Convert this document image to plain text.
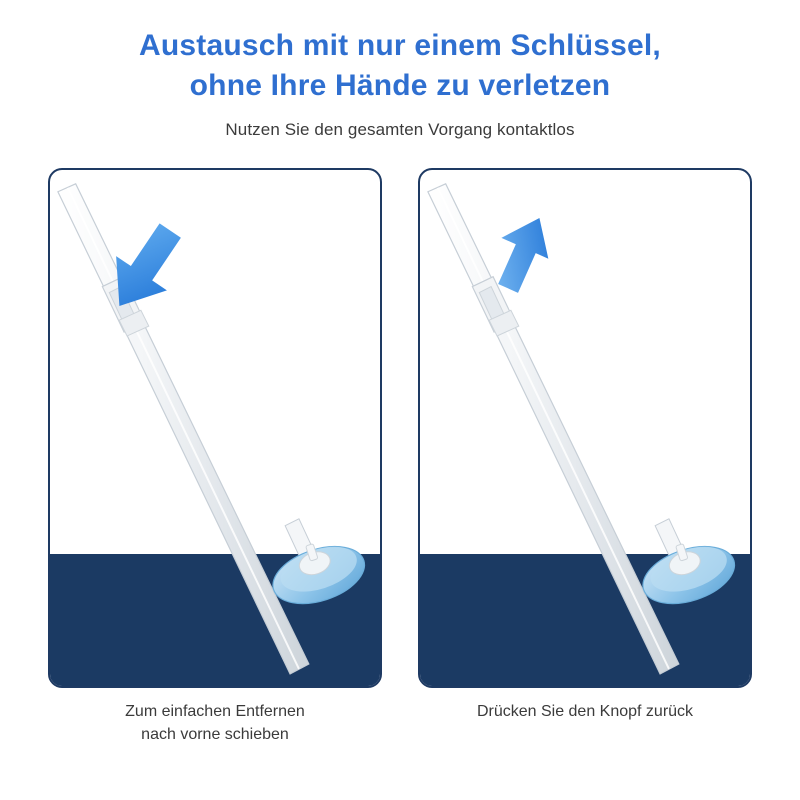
Austausch mit nur einem Schlüssel,
ohne Ihre Hände zu verletzen
Nutzen Sie den gesamten Vorgang kontaktlos
Zum einfachen Entfernen
nach vorne schieben
Drücken Sie den Knopf zurück
